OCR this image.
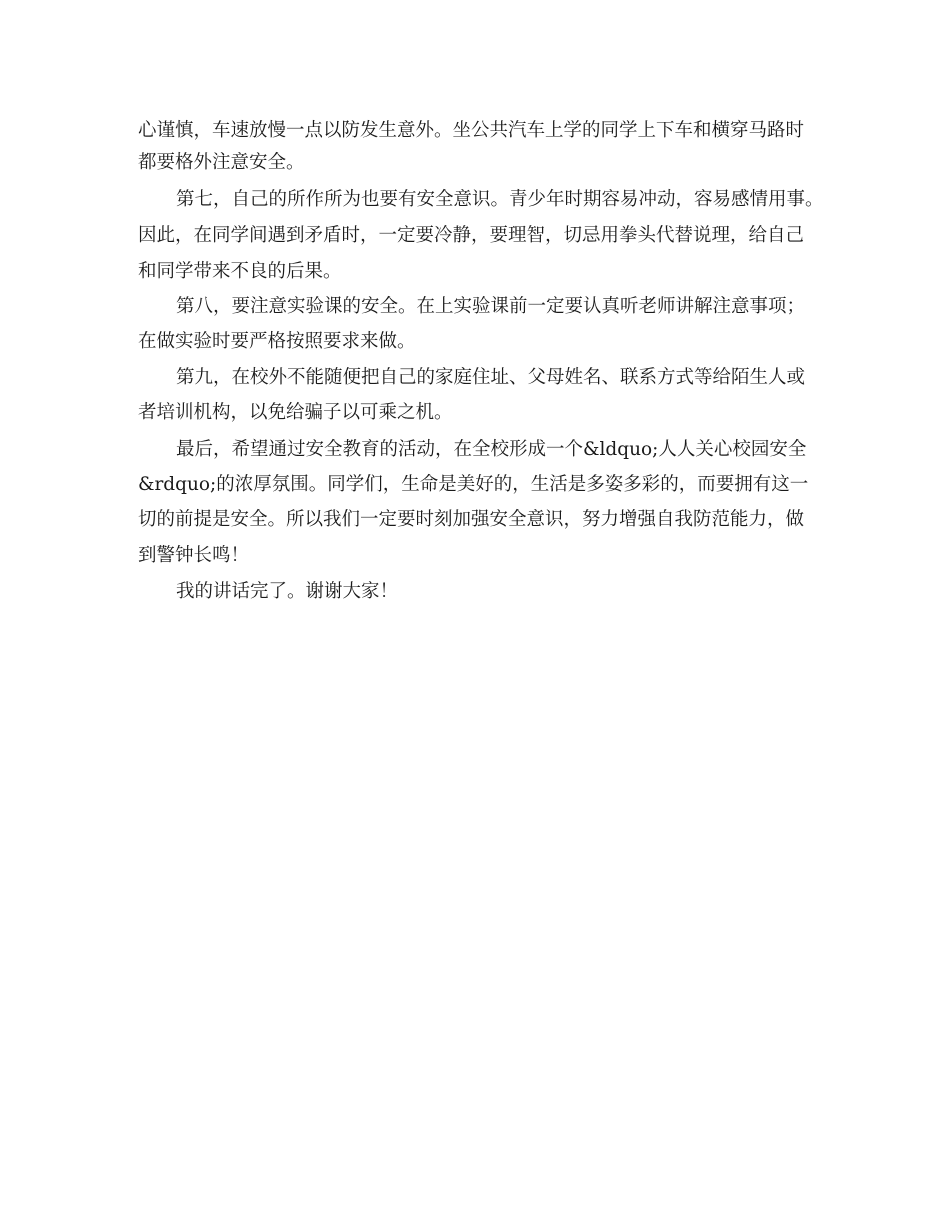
心谨慎，车速放慢一点以防发生意外。坐公共汽车上学的同学上下车和横穿马路时
都要格外注意安全。
第七，自己的所作所为也要有安全意识。青少年时期容易冲动，容易感情用事。
因此，在同学间遇到矛盾时，一定要冷静，要理智，切忌用拳头代替说理，给自己
和同学带来不良的后果。
第八，要注意实验课的安全。在上实验课前一定要认真听老师讲解注意事项；
在做实验时要严格按照要求来做。
第九，在校外不能随便把自己的家庭住址、父母姓名、联系方式等给陌生人或
者培训机构，以免给骗子以可乘之机。
最后，希望通过安全教育的活动，在全校形成一个&ldquo;人人关心校园安全
&rdquo;的浓厚氛围。同学们，生命是美好的，生活是多姿多彩的，而要拥有这一
切的前提是安全。所以我们一定要时刻加强安全意识，努力增强自我防范能力，做
到警钟长鸣！
我的讲话完了。谢谢大家！
